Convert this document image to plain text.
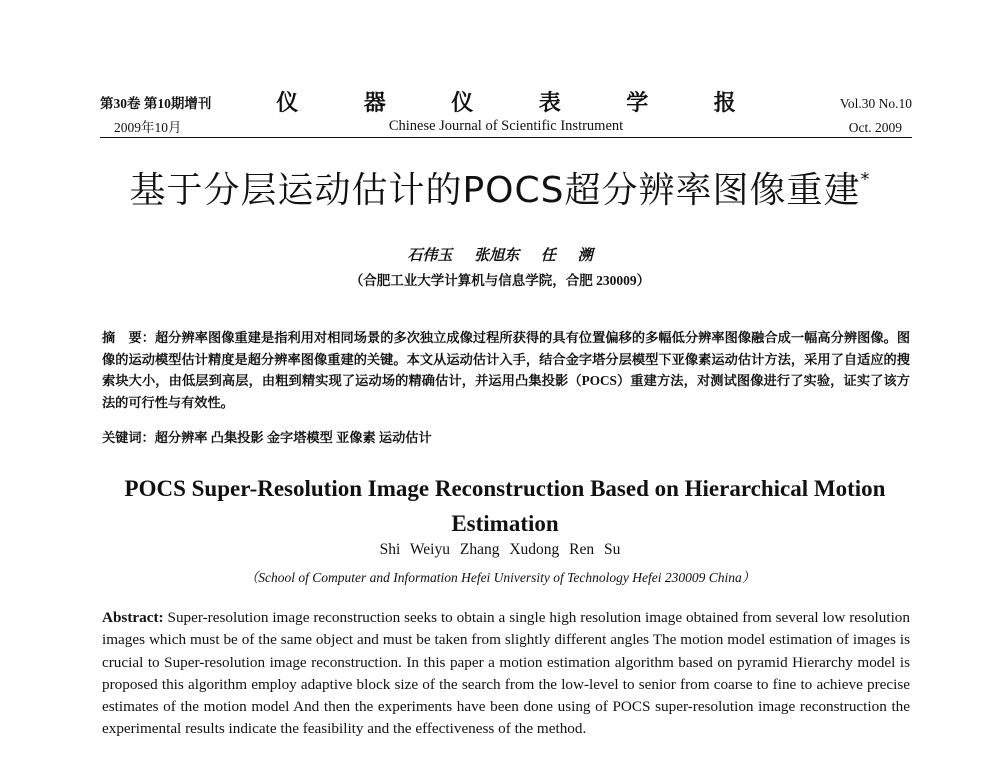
第30卷 第10期增刊
2009年10月
仪 器 仪 表 学 报
Chinese Journal of Scientific Instrument
Vol.30 No.10
Oct. 2009
基于分层运动估计的POCS超分辨率图像重建*
石伟玉 张旭东 任 溯
（合肥工业大学计算机与信息学院，合肥 230009）
摘　要：超分辨率图像重建是指利用对相同场景的多次独立成像过程所获得的具有位置偏移的多幅低分辨率图像融合成一幅高分辨图像。图像的运动模型估计精度是超分辨率图像重建的关键。本文从运动估计入手，结合金字塔分层模型下亚像素运动估计方法，采用了自适应的搜索块大小，由低层到高层，由粗到精实现了运动场的精确估计，并运用凸集投影（POCS）重建方法，对测试图像进行了实验，证实了该方法的可行性与有效性。
关键词：超分辨率 凸集投影 金字塔模型 亚像素 运动估计
POCS Super-Resolution Image Reconstruction Based on Hierarchical Motion Estimation
Shi Weiyu Zhang Xudong Ren Su
（School of Computer and Information Hefei University of Technology Hefei 230009 China）
Abstract: Super-resolution image reconstruction seeks to obtain a single high resolution image obtained from several low resolution images which must be of the same object and must be taken from slightly different angles The motion model estimation of images is crucial to Super-resolution image reconstruction. In this paper a motion estimation algorithm based on pyramid Hierarchy model is proposed this algorithm employ adaptive block size of the search from the low-level to senior from coarse to fine to achieve precise estimates of the motion model And then the experiments have been done using of POCS super-resolution image reconstruction the experimental results indicate the feasibility and the effectiveness of the method.
